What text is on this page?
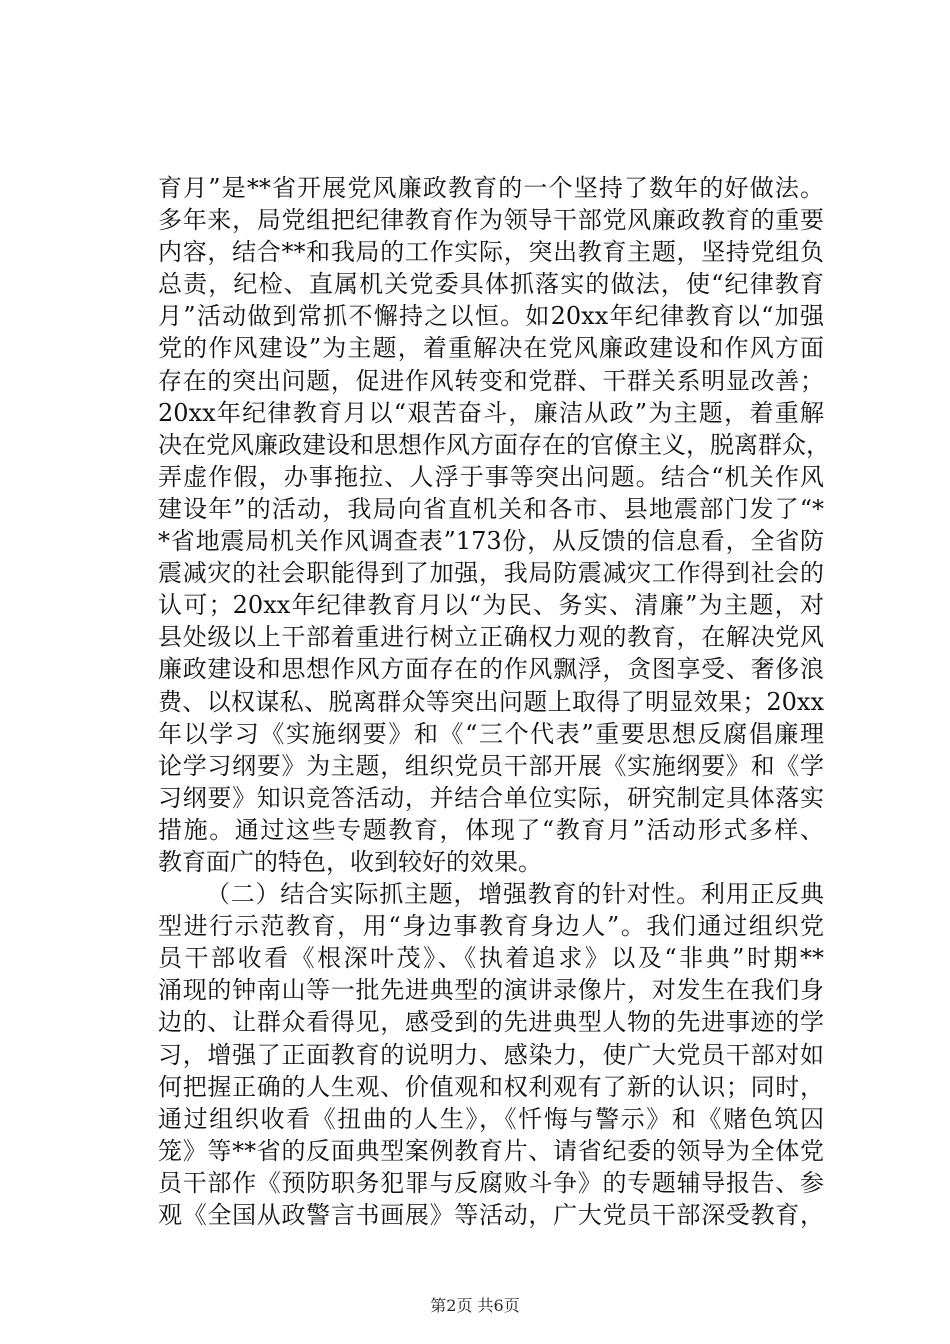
育月”是**省开展党风廉政教育的一个坚持了数年的好做法。
多年来，局党组把纪律教育作为领导干部党风廉政教育的重要
内容，结合**和我局的工作实际，突出教育主题，坚持党组负
总责，纪检、直属机关党委具体抓落实的做法，使“纪律教育
月”活动做到常抓不懈持之以恒。如20xx年纪律教育以“加强
党的作风建设”为主题，着重解决在党风廉政建设和作风方面
存在的突出问题，促进作风转变和党群、干群关系明显改善；
20xx年纪律教育月以“艰苦奋斗，廉洁从政”为主题，着重解
决在党风廉政建设和思想作风方面存在的官僚主义，脱离群众，
弄虚作假，办事拖拉、人浮于事等突出问题。结合“机关作风
建设年”的活动，我局向省直机关和各市、县地震部门发了“*
*省地震局机关作风调查表”173份，从反馈的信息看，全省防
震减灾的社会职能得到了加强，我局防震减灾工作得到社会的
认可；20xx年纪律教育月以“为民、务实、清廉”为主题，对
县处级以上干部着重进行树立正确权力观的教育，在解决党风
廉政建设和思想作风方面存在的作风飘浮，贪图享受、奢侈浪
费、以权谋私、脱离群众等突出问题上取得了明显效果；20xx
年以学习《实施纲要》和《“三个代表”重要思想反腐倡廉理
论学习纲要》为主题，组织党员干部开展《实施纲要》和《学
习纲要》知识竞答活动，并结合单位实际，研究制定具体落实
措施。通过这些专题教育，体现了“教育月”活动形式多样、
教育面广的特色，收到较好的效果。
（二）结合实际抓主题，增强教育的针对性。利用正反典
型进行示范教育，用“身边事教育身边人”。我们通过组织党
员干部收看《根深叶茂》、《执着追求》以及“非典”时期**
涌现的钟南山等一批先进典型的演讲录像片，对发生在我们身
边的、让群众看得见，感受到的先进典型人物的先进事迹的学
习，增强了正面教育的说明力、感染力，使广大党员干部对如
何把握正确的人生观、价值观和权利观有了新的认识；同时，
通过组织收看《扭曲的人生》，《忏悔与警示》和《赌色筑囚
笼》等**省的反面典型案例教育片、请省纪委的领导为全体党
员干部作《预防职务犯罪与反腐败斗争》的专题辅导报告、参
观《全国从政警言书画展》等活动，广大党员干部深受教育，
第2页 共6页
